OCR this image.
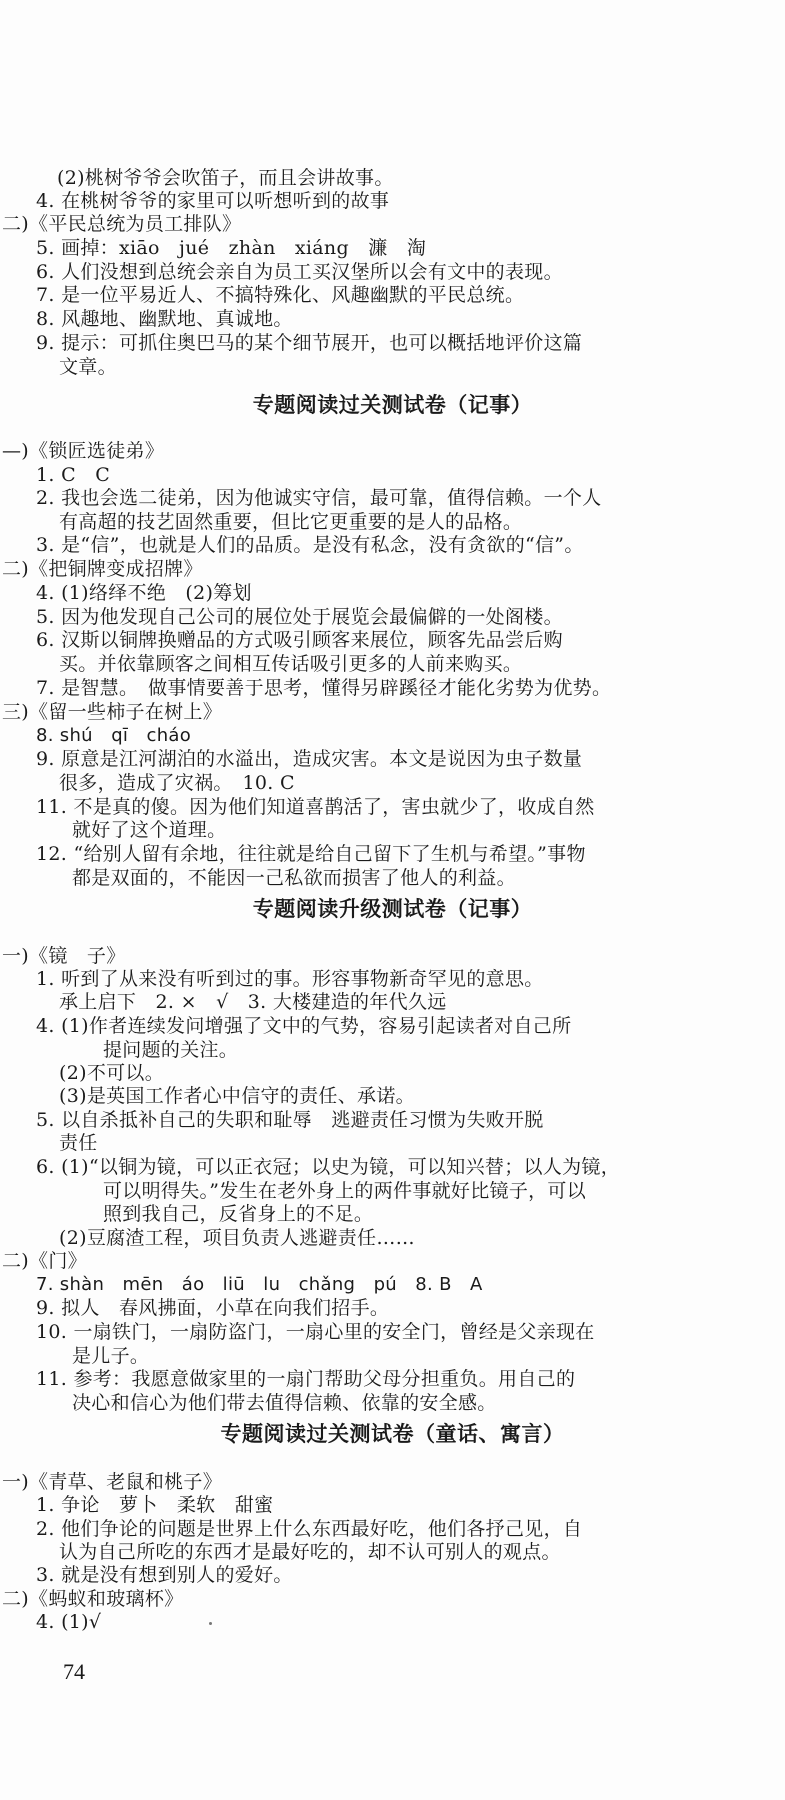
(2)桃树爷爷会吹笛子，而且会讲故事。
4. 在桃树爷爷的家里可以听想听到的故事
二)《平民总统为员工排队》
5. 画掉：xiāo　jué　zhàn　xiáng　濂　淘
6. 人们没想到总统会亲自为员工买汉堡所以会有文中的表现。
7. 是一位平易近人、不搞特殊化、风趣幽默的平民总统。
8. 风趣地、幽默地、真诚地。
9. 提示：可抓住奥巴马的某个细节展开，也可以概括地评价这篇
文章。
专题阅读过关测试卷（记事）
—)《锁匠选徒弟》
1. C　C
2. 我也会选二徒弟，因为他诚实守信，最可靠，值得信赖。一个人
有高超的技艺固然重要，但比它更重要的是人的品格。
3. 是“信”，也就是人们的品质。是没有私念，没有贪欲的“信”。
二)《把铜牌变成招牌》
4. (1)络绎不绝　(2)筹划
5. 因为他发现自己公司的展位处于展览会最偏僻的一处阁楼。
6. 汉斯以铜牌换赠品的方式吸引顾客来展位，顾客先品尝后购
买。并依靠顾客之间相互传话吸引更多的人前来购买。
7. 是智慧。　做事情要善于思考，懂得另辟蹊径才能化劣势为优势。
三)《留一些柿子在树上》
8. shú　qī　cháo
9. 原意是江河湖泊的水溢出，造成灾害。本文是说因为虫子数量
很多，造成了灾祸。　10. C
11. 不是真的傻。因为他们知道喜鹊活了，害虫就少了，收成自然
就好了这个道理。
12. “给别人留有余地，往往就是给自己留下了生机与希望。”事物
都是双面的，不能因一己私欲而损害了他人的利益。
专题阅读升级测试卷（记事）
一)《镜　子》
1. 听到了从来没有听到过的事。形容事物新奇罕见的意思。
承上启下　2. ×　√　3. 大楼建造的年代久远
4. (1)作者连续发问增强了文中的气势，容易引起读者对自己所
提问题的关注。
(2)不可以。
(3)是英国工作者心中信守的责任、承诺。
5. 以自杀抵补自己的失职和耻辱　逃避责任习惯为失败开脱
责任
6. (1)“以铜为镜，可以正衣冠；以史为镜，可以知兴替；以人为镜，
可以明得失。”发生在老外身上的两件事就好比镜子，可以
照到我自己，反省身上的不足。
(2)豆腐渣工程，项目负责人逃避责任……
二)《门》
7. shàn　mēn　áo　liū　lu　chǎng　pú　8. B　A
9. 拟人　春风拂面，小草在向我们招手。
10. 一扇铁门，一扇防盗门，一扇心里的安全门，曾经是父亲现在
是儿子。
11. 参考：我愿意做家里的一扇门帮助父母分担重负。用自己的
决心和信心为他们带去值得信赖、依靠的安全感。
专题阅读过关测试卷（童话、寓言）
一)《青草、老鼠和桃子》
1. 争论　萝卜　柔软　甜蜜
2. 他们争论的问题是世界上什么东西最好吃，他们各抒己见，自
认为自己所吃的东西才是最好吃的，却不认可别人的观点。
3. 就是没有想到别人的爱好。
二)《蚂蚁和玻璃杯》
4. (1)√
74
